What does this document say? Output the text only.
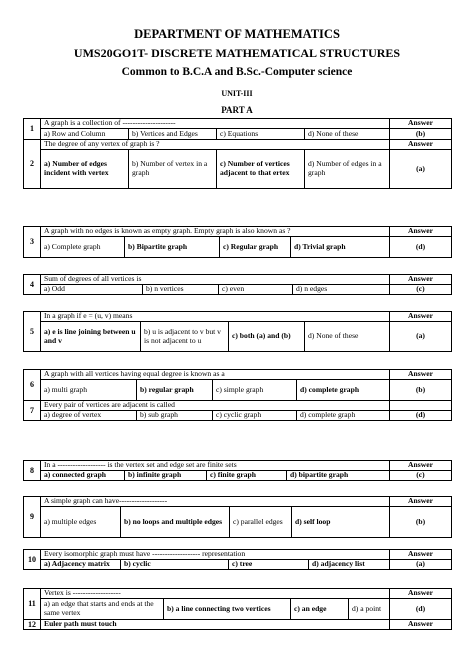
DEPARTMENT OF MATHEMATICS
UMS20GO1T- DISCRETE MATHEMATICAL STRUCTURES
Common to B.C.A and B.Sc.-Computer science
UNIT-III
PART A
1	A graph is a collection of ---------------------				Answer
	a) Row and Column	b) Vertices and Edges	c) Equations	d) None of these	(b)
2	The degree of any vertex of graph is ?				Answer
	a) Number of edges incident with vertex	b) Number of vertex in a graph	c) Number of vertices adjacent to that ertex	d) Number of edges in a graph	(a)
3	A graph with no edges is known as empty graph. Empty graph is also known as ?				Answer
	a) Complete graph	b) Bipartite graph	c) Regular graph	d) Trivial graph	(d)
4	Sum of degrees of all vertices is				Answer
	a) Odd	b) n vertices	c) even	d) n edges	(c)
5	In a graph if e = (u, v) means				Answer
	a) e is line joining between u and v	b) u is adjacent to v but v is not adjacent to u	c) both (a) and (b)	d) None of these	(a)
6	A graph with all vertices having equal degree is known as a				Answer
	a) multi graph	b) regular graph	c) simple graph	d) complete graph	(b)
7	Every pair of vertices are adjacent is called				
	a) degree of vertex	b) sub graph	c) cyclic graph	d) complete graph	(d)
8	In a ------------------- is the vertex set and edge set are finite sets				Answer
	a) connected graph	b) infinite graph	c) finite graph	d) bipartite graph	(c)
9	A simple graph can have-------------------				Answer
	a) multiple edges	b) no loops and multiple edges	c) parallel edges	d) self loop	(b)
10	Every isomorphic graph must have ------------------- representation				Answer
	a) Adjacency matrix	b) cyclic	c) tree	d) adjacency list	(a)
11	Vertex is -------------------				Answer
	a) an edge that starts and ends at the same vertex	b) a line connecting two vertices	c) an edge	d) a point	(d)
12	Euler path must touch				Answer
